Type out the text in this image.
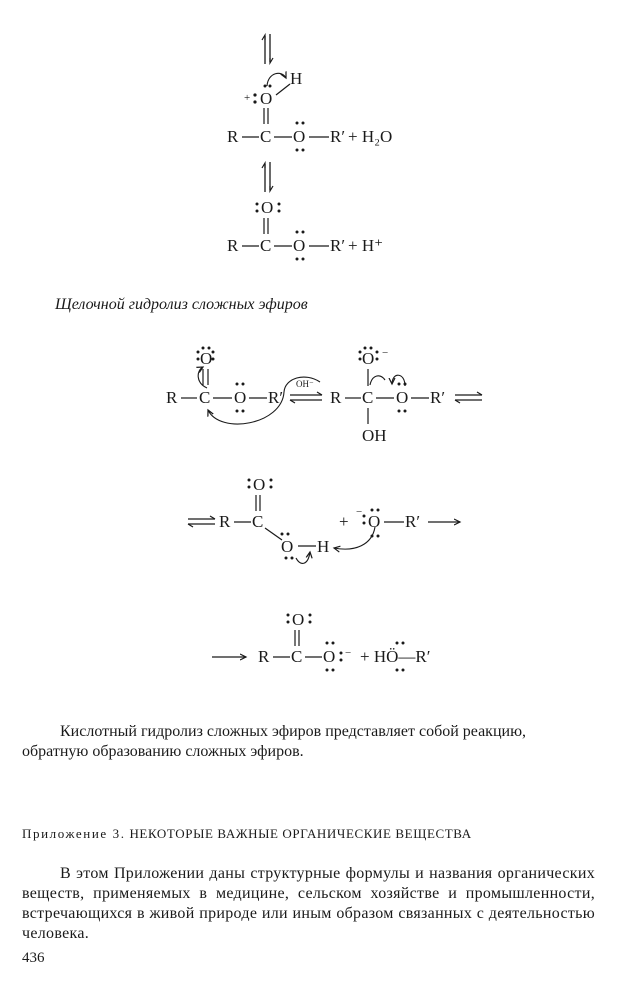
+ O
H
R C O R′ + H₂O
O
R C O R′ + H⁺
O
R C O R′
OH⁻
O −
R C O R′
OH
O
R C
O H
+ − O R′
O
R C O − + HÖ—R′
Щелочной гидролиз сложных эфиров
Кислотный гидролиз сложных эфиров представляет собой реакцию,
обратную образованию сложных эфиров.
Приложение 3. НЕКОТОРЫЕ ВАЖНЫЕ ОРГАНИЧЕСКИЕ ВЕЩЕСТВА
В этом Приложении даны структурные формулы и названия органических веществ, применяемых в медицине, сельском хозяйстве и промышленности, встречающихся в живой природе или иным образом связанных с деятельностью человека.
436
